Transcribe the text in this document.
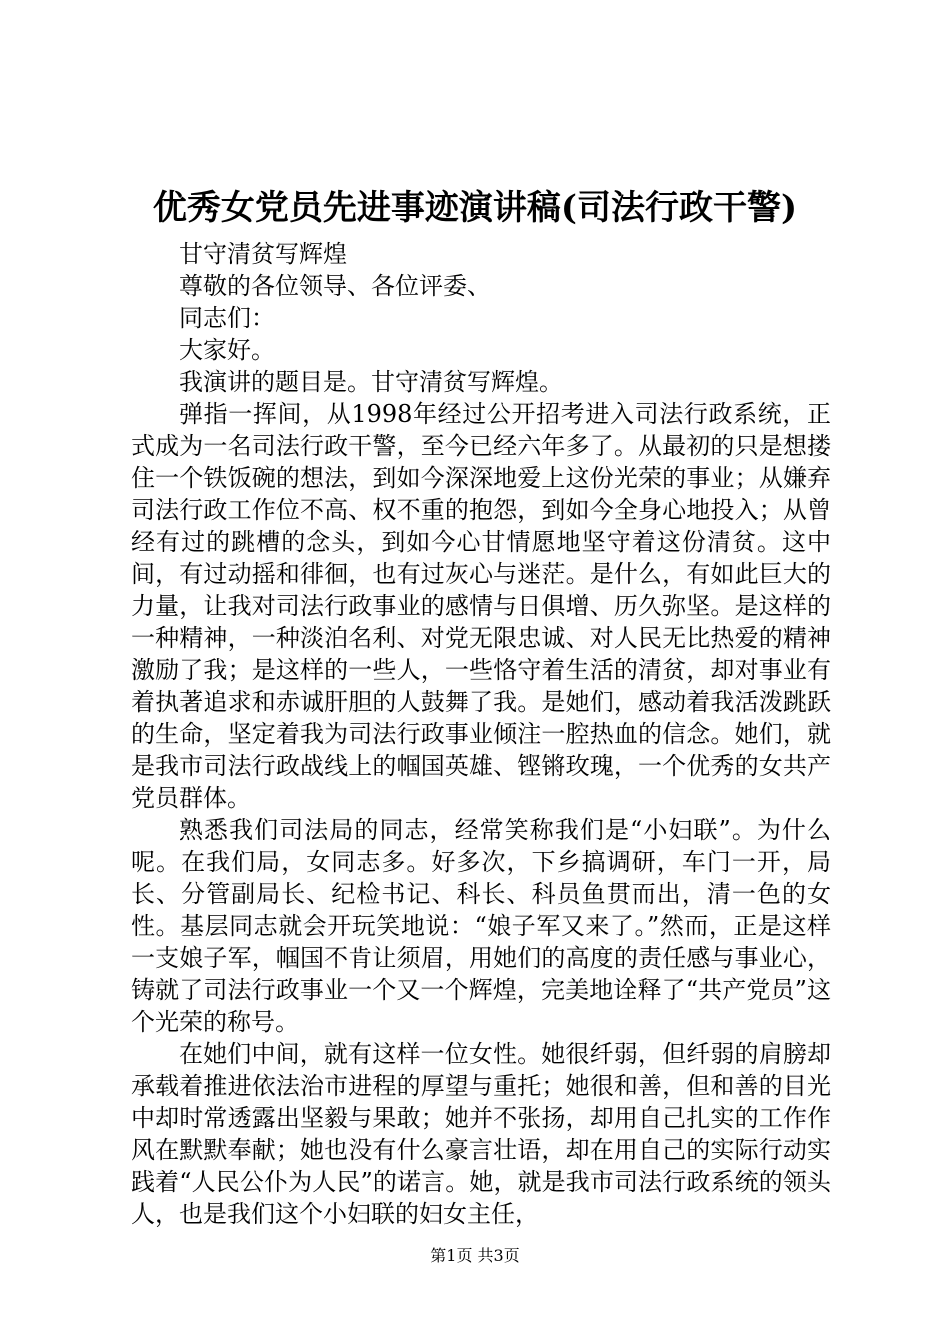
优秀女党员先进事迹演讲稿(司法行政干警)
甘守清贫写辉煌
尊敬的各位领导、各位评委、
同志们：
大家好。
我演讲的题目是。甘守清贫写辉煌。

弹指一挥间，从1998年经过公开招考进入司法行政系统，正式成为一名司法行政干警，至今已经六年多了。从最初的只是想搂住一个铁饭碗的想法，到如今深深地爱上这份光荣的事业；从嫌弃司法行政工作位不高、权不重的抱怨，到如今全身心地投入；从曾经有过的跳槽的念头，到如今心甘情愿地坚守着这份清贫。这中间，有过动摇和徘徊，也有过灰心与迷茫。是什么，有如此巨大的力量，让我对司法行政事业的感情与日俱增、历久弥坚。是这样的一种精神，一种淡泊名利、对党无限忠诚、对人民无比热爱的精神激励了我；是这样的一些人，一些恪守着生活的清贫，却对事业有着执著追求和赤诚肝胆的人鼓舞了我。是她们，感动着我活泼跳跃的生命，坚定着我为司法行政事业倾注一腔热血的信念。她们，就是我市司法行政战线上的帼国英雄、铿锵玫瑰，一个优秀的女共产党员群体。

熟悉我们司法局的同志，经常笑称我们是“小妇联”。为什么呢。在我们局，女同志多。好多次，下乡搞调研，车门一开，局长、分管副局长、纪检书记、科长、科员鱼贯而出，清一色的女性。基层同志就会开玩笑地说：“娘子军又来了。”然而，正是这样一支娘子军，帼国不肯让须眉，用她们的高度的责任感与事业心，铸就了司法行政事业一个又一个辉煌，完美地诠释了“共产党员”这个光荣的称号。

在她们中间，就有这样一位女性。她很纤弱，但纤弱的肩膀却承载着推进依法治市进程的厚望与重托；她很和善，但和善的目光中却时常透露出坚毅与果敢；她并不张扬，却用自己扎实的工作作风在默默奉献；她也没有什么豪言壮语，却在用自己的实际行动实践着“人民公仆为人民”的诺言。她，就是我市司法行政系统的领头人，也是我们这个小妇联的妇女主任，

第1页 共3页
